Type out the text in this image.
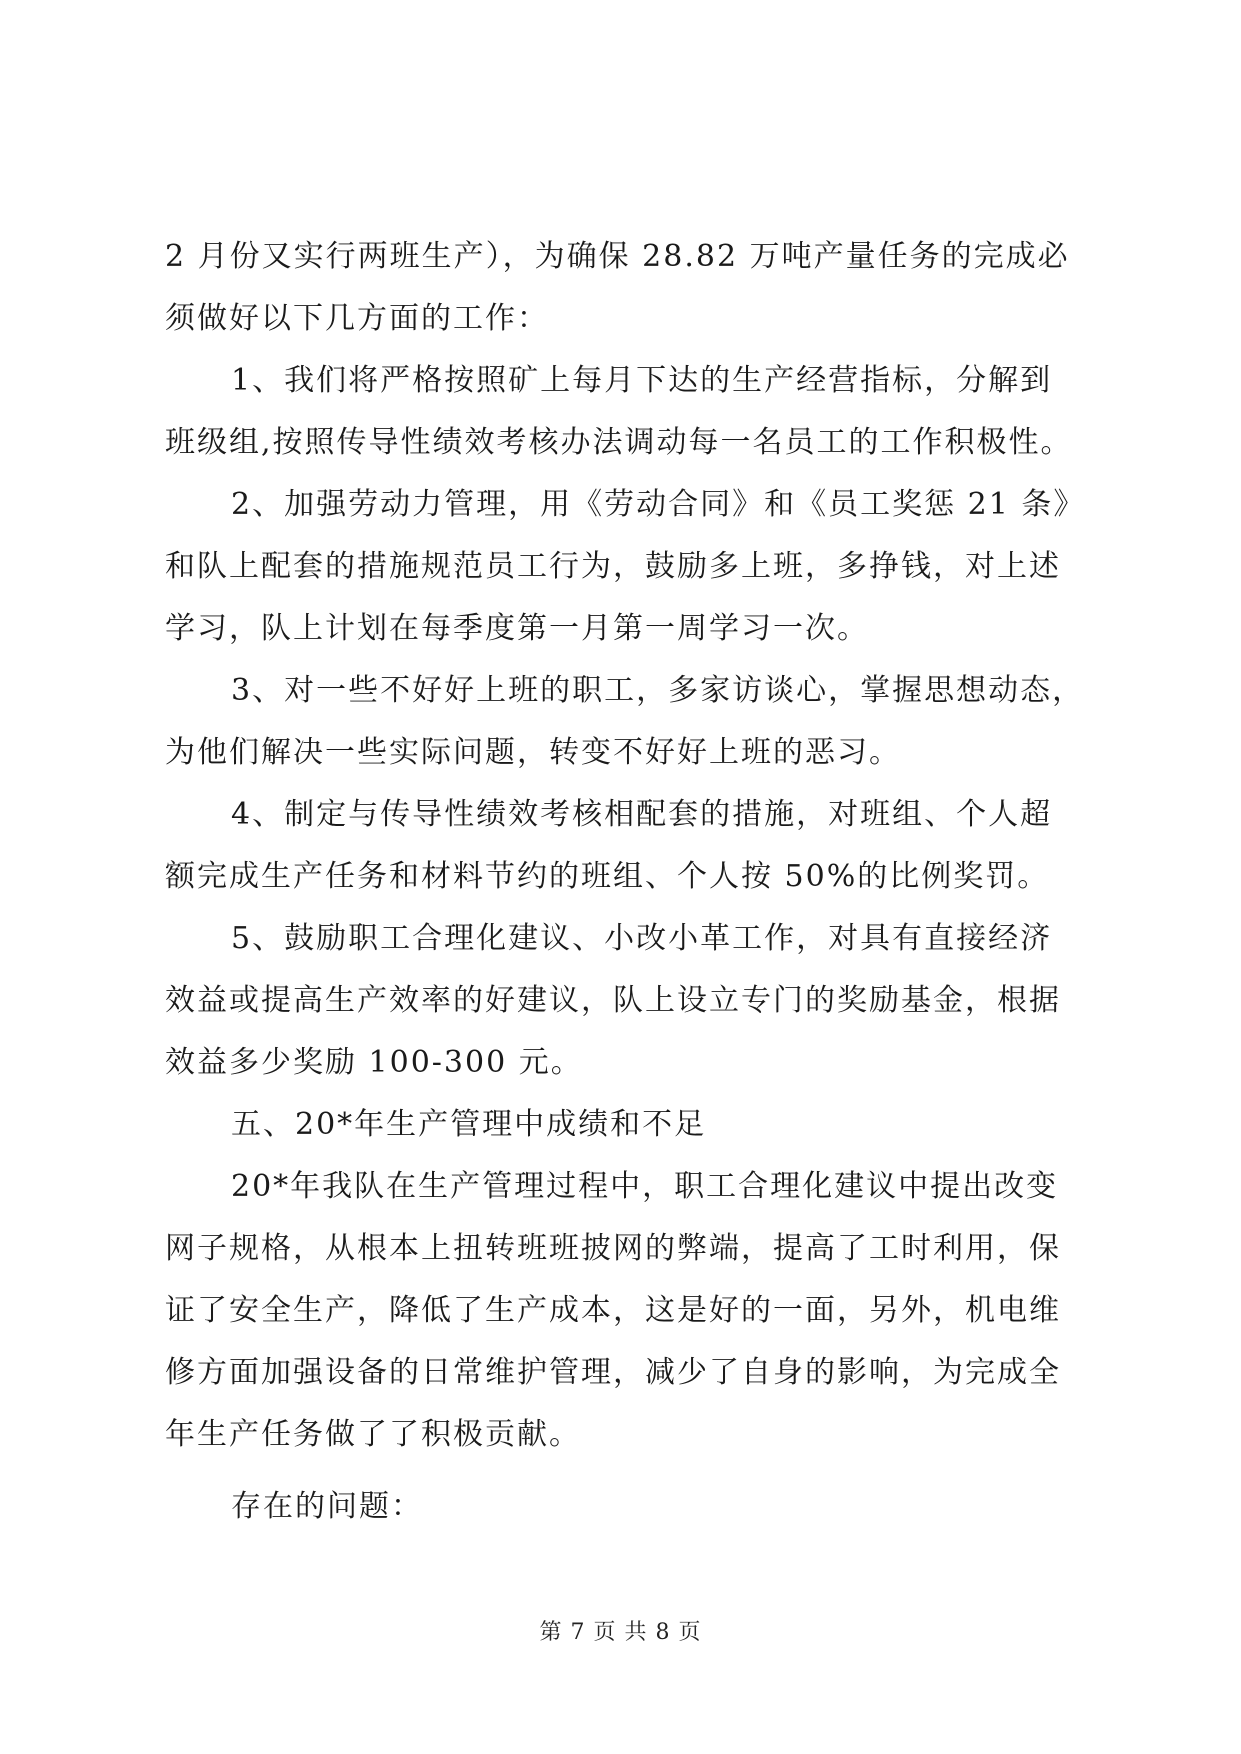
2 月份又实行两班生产），为确保 28.82 万吨产量任务的完成必
须做好以下几方面的工作：
1、我们将严格按照矿上每月下达的生产经营指标，分解到
班级组,按照传导性绩效考核办法调动每一名员工的工作积极性。
2、加强劳动力管理，用《劳动合同》和《员工奖惩 21 条》
和队上配套的措施规范员工行为，鼓励多上班，多挣钱，对上述
学习，队上计划在每季度第一月第一周学习一次。
3、对一些不好好上班的职工，多家访谈心，掌握思想动态，
为他们解决一些实际问题，转变不好好上班的恶习。
4、制定与传导性绩效考核相配套的措施，对班组、个人超
额完成生产任务和材料节约的班组、个人按 50%的比例奖罚。
5、鼓励职工合理化建议、小改小革工作，对具有直接经济
效益或提高生产效率的好建议，队上设立专门的奖励基金，根据
效益多少奖励 100-300 元。
五、20*年生产管理中成绩和不足
20*年我队在生产管理过程中，职工合理化建议中提出改变
网子规格，从根本上扭转班班披网的弊端，提高了工时利用，保
证了安全生产，降低了生产成本，这是好的一面，另外，机电维
修方面加强设备的日常维护管理，减少了自身的影响，为完成全
年生产任务做了了积极贡献。
存在的问题：
第 7 页 共 8 页
